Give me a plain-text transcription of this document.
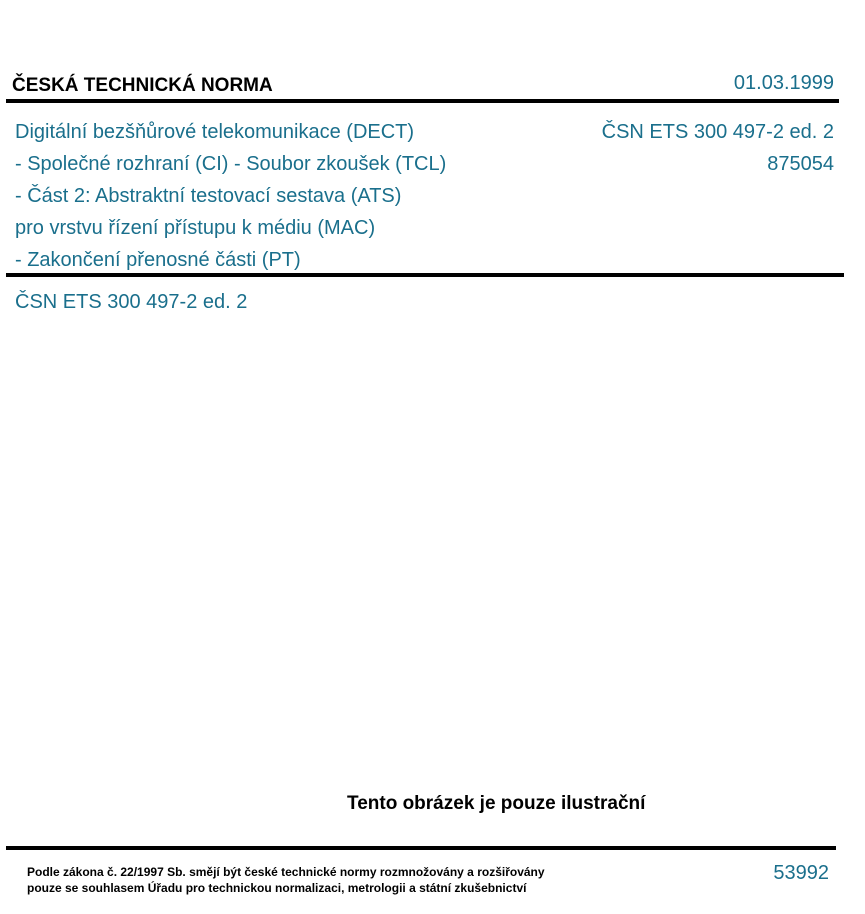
ČESKÁ TECHNICKÁ NORMA	01.03.1999
Digitální bezšňůrové telekomunikace (DECT)
- Společné rozhraní (CI) - Soubor zkoušek (TCL)
- Část 2: Abstraktní testovací sestava (ATS)
pro vrstvu řízení přístupu k médiu (MAC)
- Zakončení přenosné části (PT)
ČSN ETS 300 497-2 ed. 2
875054
ČSN ETS 300 497-2 ed. 2
Tento obrázek je pouze ilustrační
Podle zákona č. 22/1997 Sb. smějí být české technické normy rozmnožovány a rozšiřovány
pouze se souhlasem Úřadu pro technickou normalizaci, metrologii a státní zkušebnictví
53992
